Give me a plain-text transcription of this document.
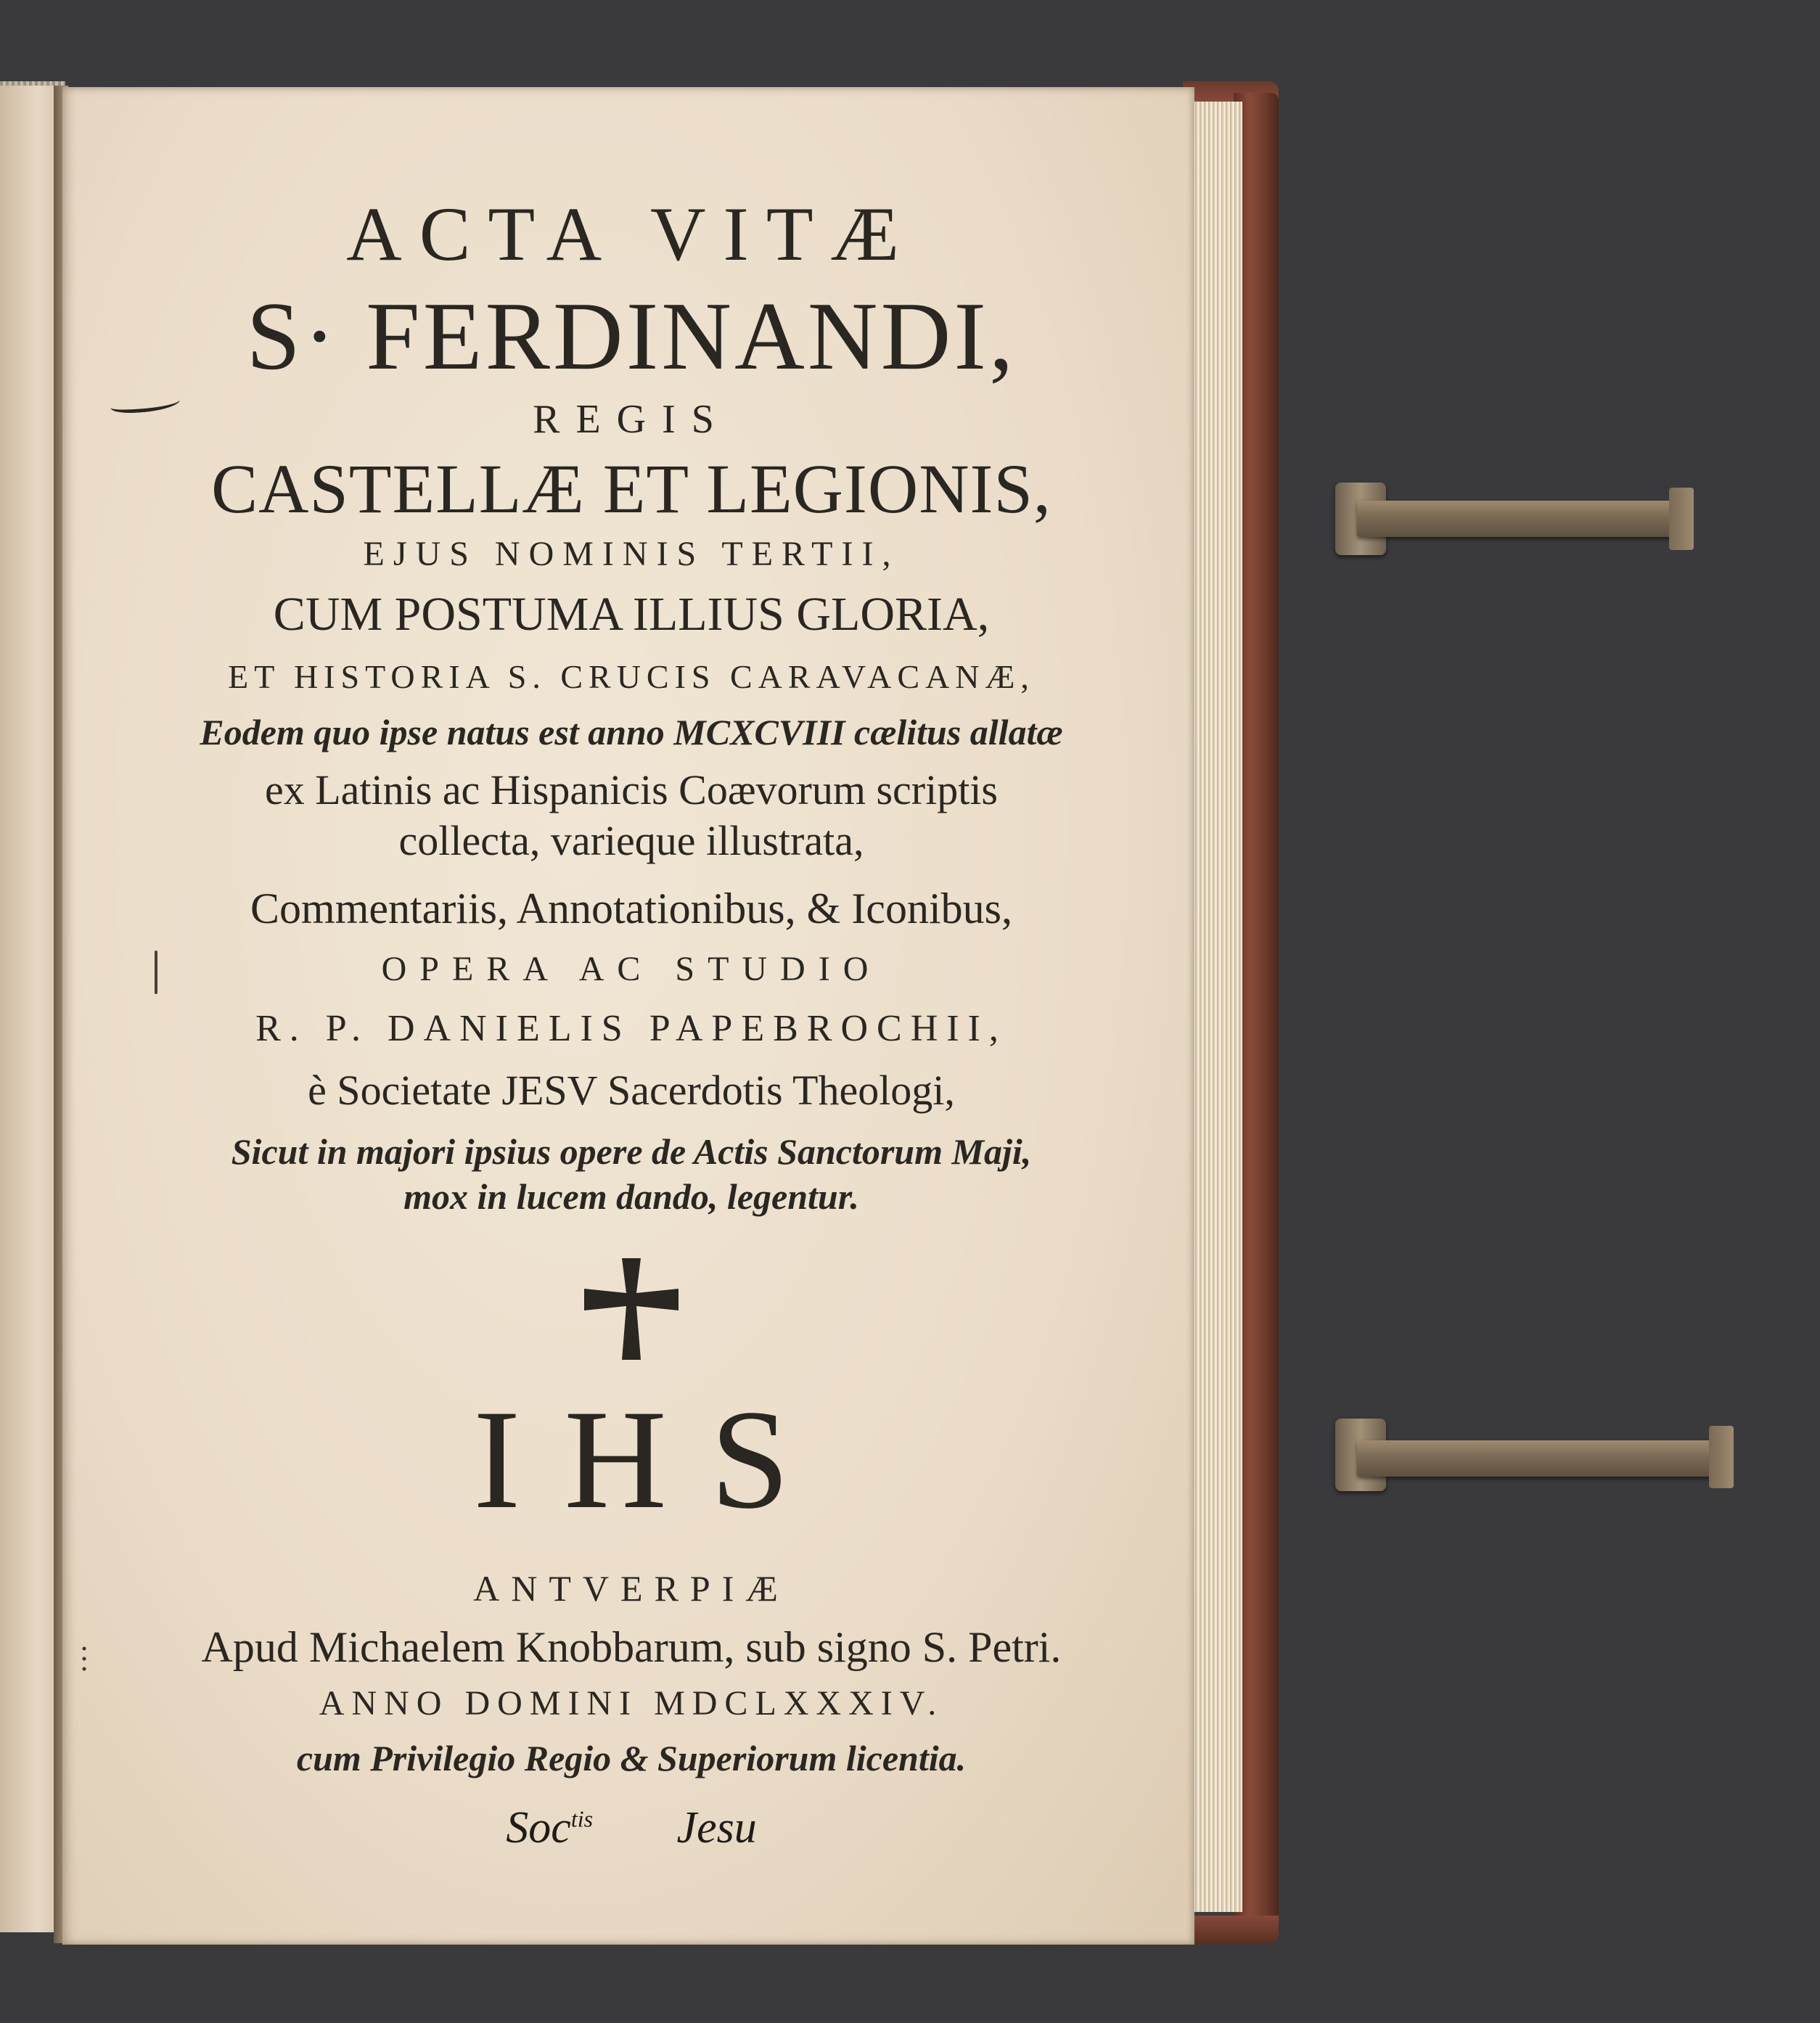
ACTA VITÆ

S· FERDINANDI,

REGIS

CASTELLÆ ET LEGIONIS,

EJUS NOMINIS TERTII,

CUM POSTUMA ILLIUS GLORIA,

ET HISTORIA S. CRUCIS CARAVACANÆ,

Eodem quo ipse natus est anno MCXCVIII cælitus allatæ

ex Latinis ac Hispanicis Coævorum scriptis

collecta, varieque illustrata,

Commentariis, Annotationibus, & Iconibus,

OPERA AC STUDIO

R. P. DANIELIS PAPEBROCHII,

è Societate JESV Sacerdotis Theologi,

Sicut in majori ipsius opere de Actis Sanctorum Maji,

mox in lucem dando, legentur.

IHS

ANTVERPIÆ

Apud Michaelem Knobbarum, sub signo S. Petri.

ANNO DOMINI MDCLXXXIV.

cum Privilegio Regio & Superiorum licentia.

Soc$^{tis}$ Jesu
